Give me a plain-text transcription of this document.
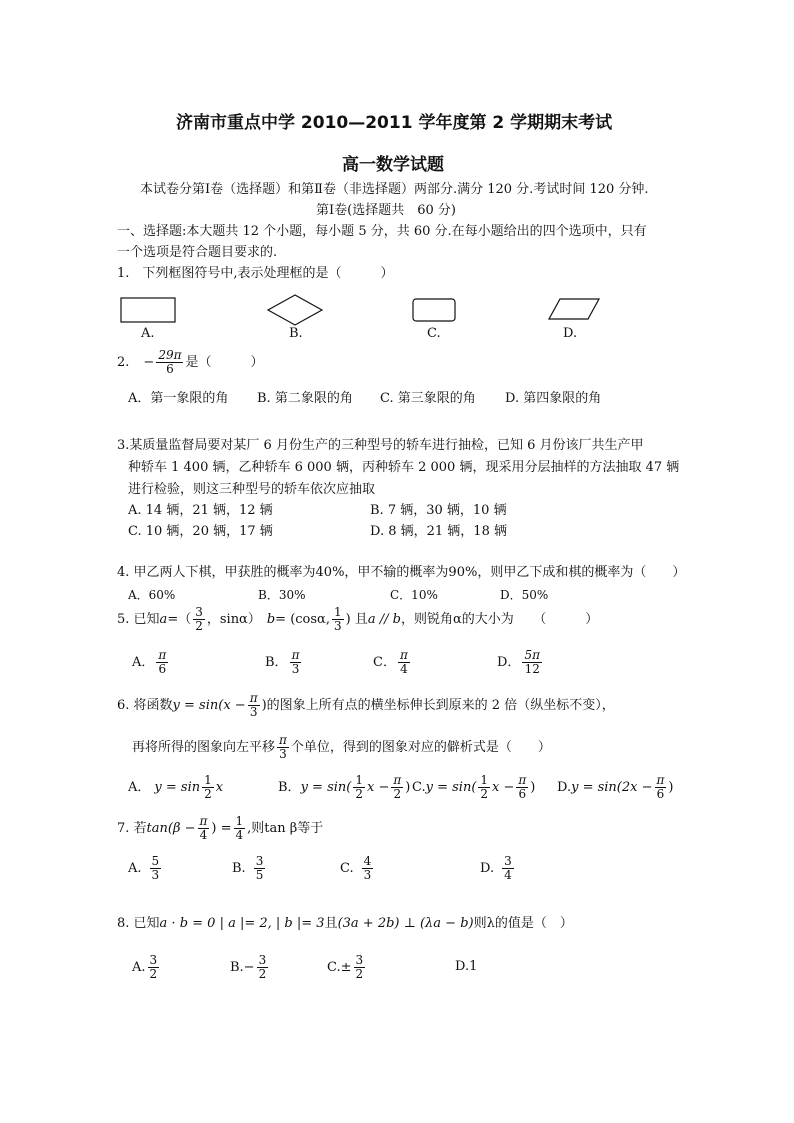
济南市重点中学 2010—2011 学年度第 2 学期期末考试
高一数学试题
本试卷分第Ⅰ卷（选择题）和第Ⅱ卷（非选择题）两部分.满分 120 分.考试时间 120 分钟.
第Ⅰ卷(选择题共　60 分)
一、选择题:本大题共 12 个小题，每小题 5 分，共 60 分.在每小题给出的四个选项中，只有
一个选项是符合题目要求的.
1.　下列框图符号中,表示处理框的是（　　　）
A.	B.	C.	D.
2. − $\frac{29\pi}{6}$ 是（　　　）
A．第一象限的角 B. 第二象限的角 C. 第三象限的角 D. 第四象限的角
3.某质量监督局要对某厂 6 月份生产的三种型号的轿车进行抽检，已知 6 月份该厂共生产甲
种轿车 1 400 辆，乙种轿车 6 000 辆，丙种轿车 2 000 辆，现采用分层抽样的方法抽取 47 辆
进行检验，则这三种型号的轿车依次应抽取
A. 14 辆，21 辆，12 辆	B. 7 辆，30 辆，10 辆
C. 10 辆，20 辆，17 辆	D. 8 辆，21 辆，18 辆
4. 甲乙两人下棋，甲获胜的概率为40%，甲不输的概率为90%，则甲乙下成和棋的概率为（　　）
A．60%	B．30%	C．10%	D．50%
5. 已知 a =（ $\frac{3}{2}$ ，sinα） b = (cosα, $\frac{1}{3}$ ) 且 a // b ，则锐角α的大小为　　（　　　）
A． $\frac{\pi}{6}$	B． $\frac{\pi}{3}$	C． $\frac{\pi}{4}$	D． $\frac{5\pi}{12}$
6. 将函数 $y = \sin(x - \frac{\pi}{3}$ ) 的图象上所有点的横坐标伸长到原来的 2 倍（纵坐标不变），
再将所得的图象向左平移 $\frac{\pi}{3}$ 个单位，得到的图象对应的僻析式是（　　）
A． $y = \sin \frac{1}{2}$ x	B． $y = \sin( \frac{1}{2}$ $x - \frac{\pi}{2}$ ) C. $y = \sin( \frac{1}{2}$ $x - \frac{\pi}{6}$ ) D. $y = \sin(2x - \frac{\pi}{6}$ )
7. 若 $\tan(\beta - \frac{\pi}{4}$ ) = $\frac{1}{4}$ ,则tan β等于
A. $\frac{5}{3}$	B. $\frac{3}{5}$	C. $\frac{4}{3}$	D. $\frac{3}{4}$
8. 已知 a · b = 0 | a |= 2, | b |= 3 且 (3a + 2b) ⊥ (λa − b) 则λ的值是（　）
A. $\frac{3}{2}$	$B.- \frac{3}{2}$	$C.\pm \frac{3}{2}$	D.1
